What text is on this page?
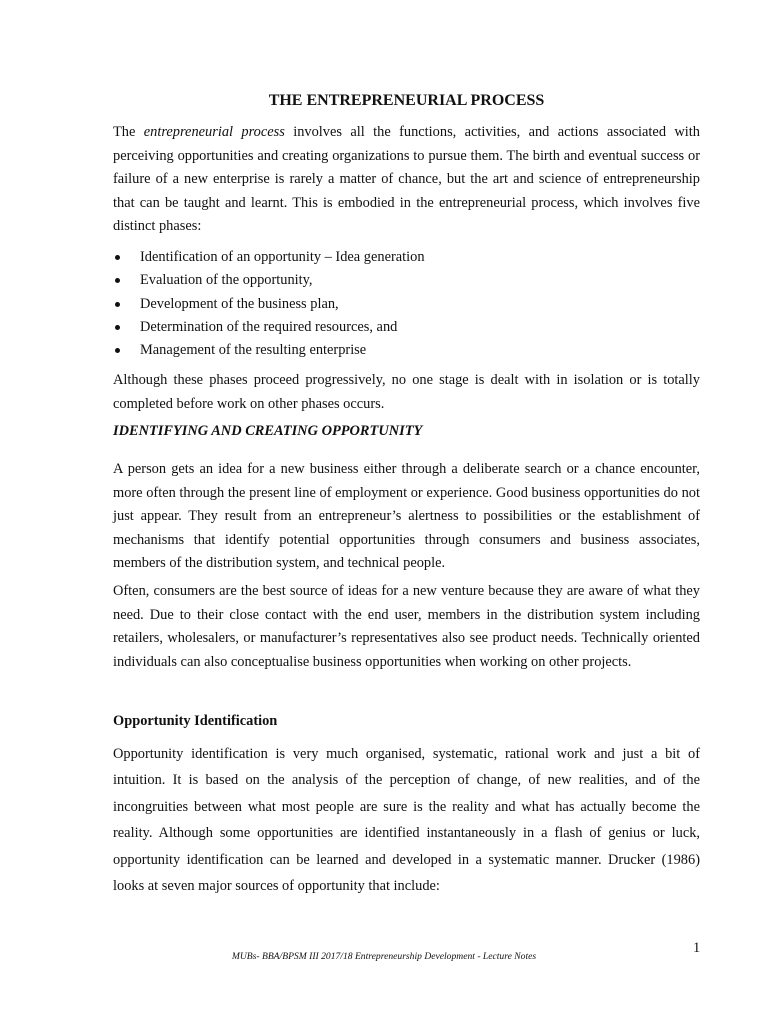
THE ENTREPRENEURIAL PROCESS

The entrepreneurial process involves all the functions, activities, and actions associated with perceiving opportunities and creating organizations to pursue them. The birth and eventual success or failure of a new enterprise is rarely a matter of chance, but the art and science of entrepreneurship that can be taught and learnt. This is embodied in the entrepreneurial process, which involves five distinct phases:

Identification of an opportunity – Idea generation
Evaluation of the opportunity,
Development of the business plan,
Determination of the required resources, and
Management of the resulting enterprise

Although these phases proceed progressively, no one stage is dealt with in isolation or is totally completed before work on other phases occurs.

IDENTIFYING AND CREATING OPPORTUNITY

A person gets an idea for a new business either through a deliberate search or a chance encounter, more often through the present line of employment or experience. Good business opportunities do not just appear. They result from an entrepreneur’s alertness to possibilities or the establishment of mechanisms that identify potential opportunities through consumers and business associates, members of the distribution system, and technical people.

Often, consumers are the best source of ideas for a new venture because they are aware of what they need. Due to their close contact with the end user, members in the distribution system including retailers, wholesalers, or manufacturer’s representatives also see product needs. Technically oriented individuals can also conceptualise business opportunities when working on other projects.

Opportunity Identification

Opportunity identification is very much organised, systematic, rational work and just a bit of intuition. It is based on the analysis of the perception of change, of new realities, and of the incongruities between what most people are sure is the reality and what has actually become the reality. Although some opportunities are identified instantaneously in a flash of genius or luck, opportunity identification can be learned and developed in a systematic manner. Drucker (1986) looks at seven major sources of opportunity that include:

1
MUBs- BBA/BPSM III 2017/18 Entrepreneurship Development - Lecture Notes
